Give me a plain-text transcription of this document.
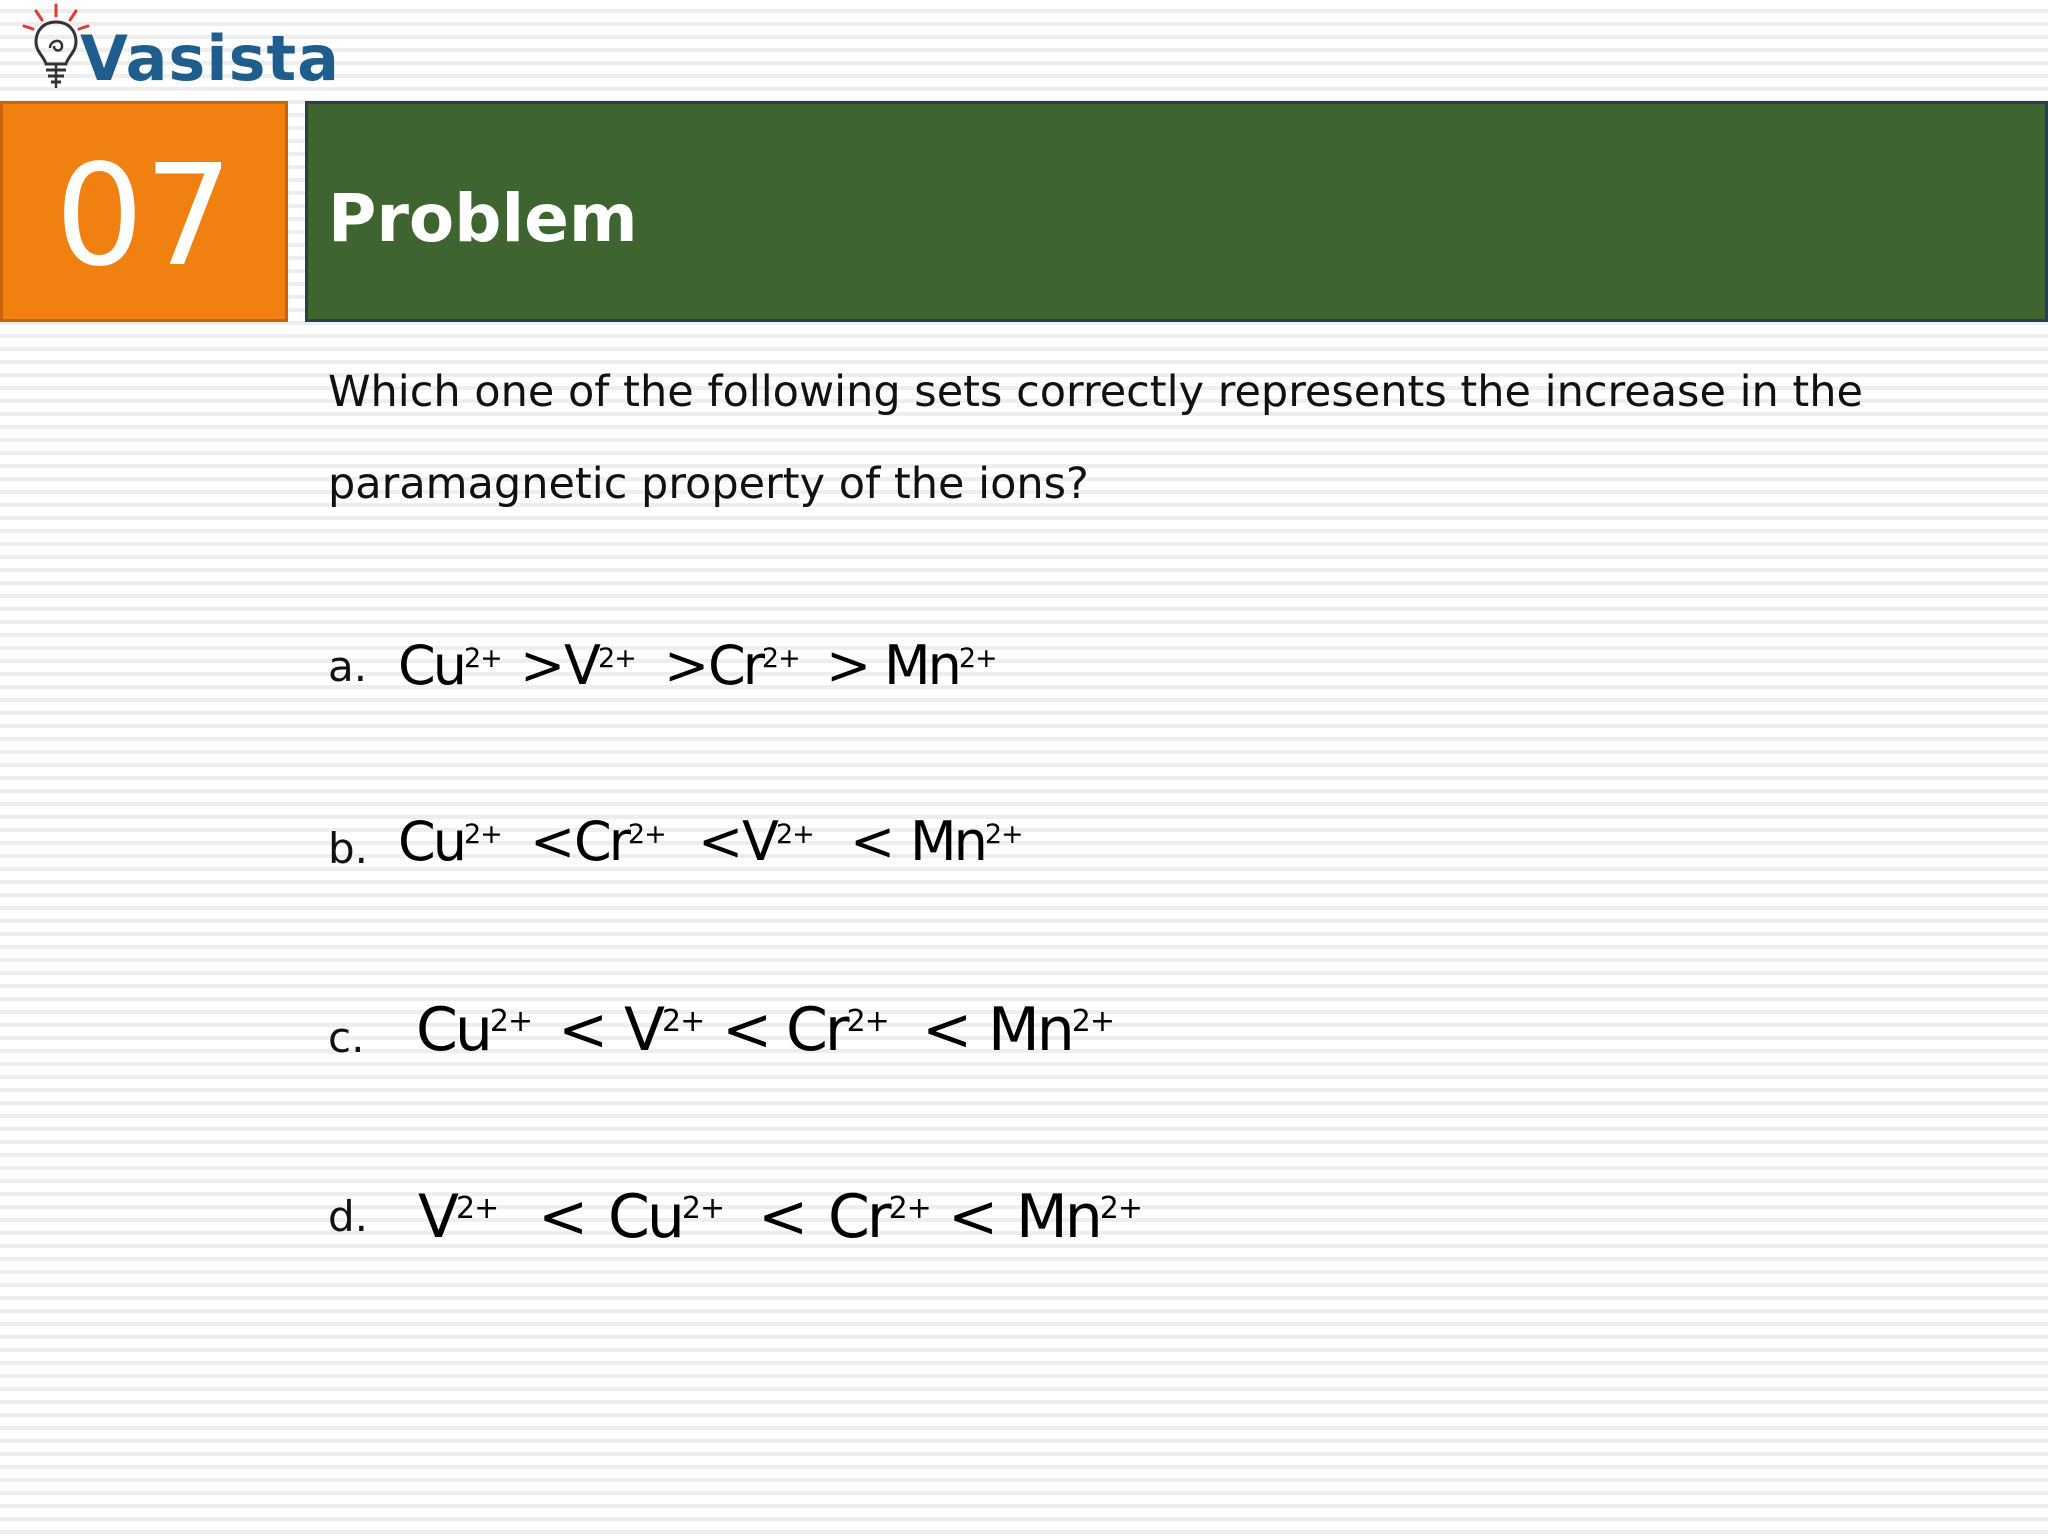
Vasista
07 Problem
Which one of the following sets correctly represents the increase in the paramagnetic property of the ions?
a. $Cu^{2+}$ >
$V^{2+}$ >
$Cr^{2+} > Mn^{2+}$
b. $Cu^{2+}$ <
$Cr^{2+}$ <
$V^{2+} < Mn^{2+}$
c. $Cu^{2+} < V^{2+} < Cr^{2+} < Mn^{2+}$
d. $V^{2+} < Cu^{2+} < Cr^{2+} < Mn^{2+}$
